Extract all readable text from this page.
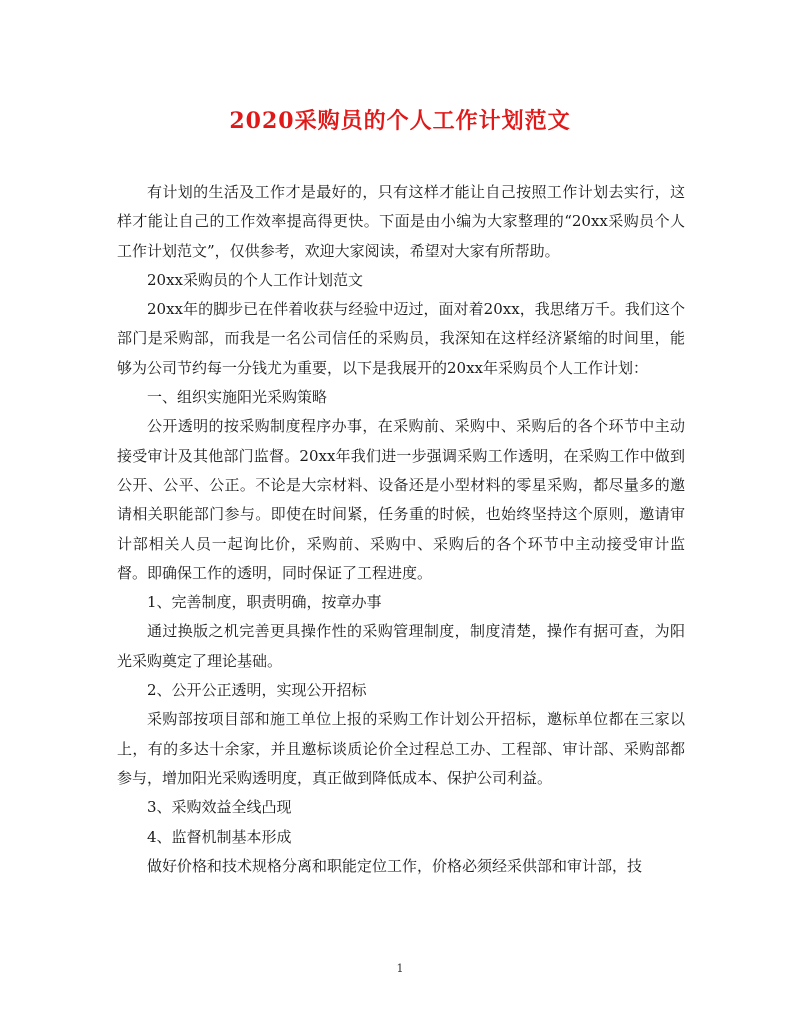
2020采购员的个人工作计划范文

有计划的生活及工作才是最好的，只有这样才能让自己按照工作计划去实行，这样才能让自己的工作效率提高得更快。下面是由小编为大家整理的“20xx采购员个人工作计划范文”，仅供参考，欢迎大家阅读，希望对大家有所帮助。

20xx采购员的个人工作计划范文

20xx年的脚步已在伴着收获与经验中迈过，面对着20xx，我思绪万千。我们这个部门是采购部，而我是一名公司信任的采购员，我深知在这样经济紧缩的时间里，能够为公司节约每一分钱尤为重要，以下是我展开的20xx年采购员个人工作计划：

一、组织实施阳光采购策略

公开透明的按采购制度程序办事，在采购前、采购中、采购后的各个环节中主动接受审计及其他部门监督。20xx年我们进一步强调采购工作透明，在采购工作中做到公开、公平、公正。不论是大宗材料、设备还是小型材料的零星采购，都尽量多的邀请相关职能部门参与。即使在时间紧，任务重的时候，也始终坚持这个原则，邀请审计部相关人员一起询比价，采购前、采购中、采购后的各个环节中主动接受审计监督。即确保工作的透明，同时保证了工程进度。

1、完善制度，职责明确，按章办事

通过换版之机完善更具操作性的采购管理制度，制度清楚，操作有据可查，为阳光采购奠定了理论基础。

2、公开公正透明，实现公开招标

采购部按项目部和施工单位上报的采购工作计划公开招标，邀标单位都在三家以上，有的多达十余家，并且邀标谈质论价全过程总工办、工程部、审计部、采购部都参与，增加阳光采购透明度，真正做到降低成本、保护公司利益。

3、采购效益全线凸现

4、监督机制基本形成

做好价格和技术规格分离和职能定位工作，价格必须经采供部和审计部，技

1
